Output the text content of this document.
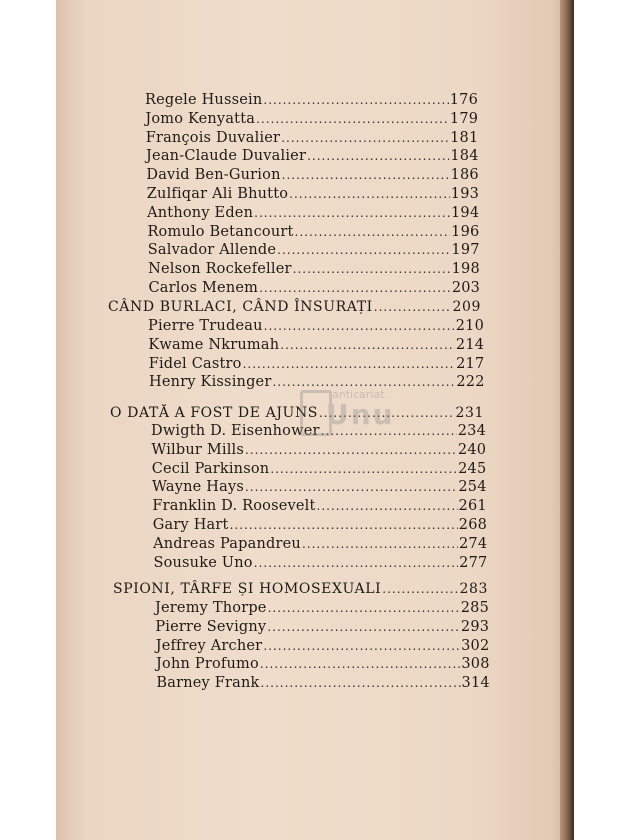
Regele Hussein .....	176
Jomo Kenyatta .....	179
François Duvalier .....	181
Jean-Claude Duvalier .....	184
David Ben-Gurion .....	186
Zulfiqar Ali Bhutto .....	193
Anthony Eden .....	194
Romulo Betancourt .....	196
Salvador Allende .....	197
Nelson Rockefeller .....	198
Carlos Menem .....	203
CÂND BURLACI, CÂND ÎNSURAȚI .....	209
Pierre Trudeau .....	210
Kwame Nkrumah .....	214
Fidel Castro .....	217
Henry Kissinger .....	222
O DATĂ A FOST DE AJUNS .....	231
Dwigth D. Eisenhower .....	234
Wilbur Mills .....	240
Cecil Parkinson .....	245
Wayne Hays .....	254
Franklin D. Roosevelt .....	261
Gary Hart .....	268
Andreas Papandreu .....	274
Sousuke Uno .....	277
SPIONI, TÂRFE ȘI HOMOSEXUALI .....	283
Jeremy Thorpe .....	285
Pierre Sevigny .....	293
Jeffrey Archer .....	302
John Profumo .....	308
Barney Frank .....	314
anticariat
Unu
